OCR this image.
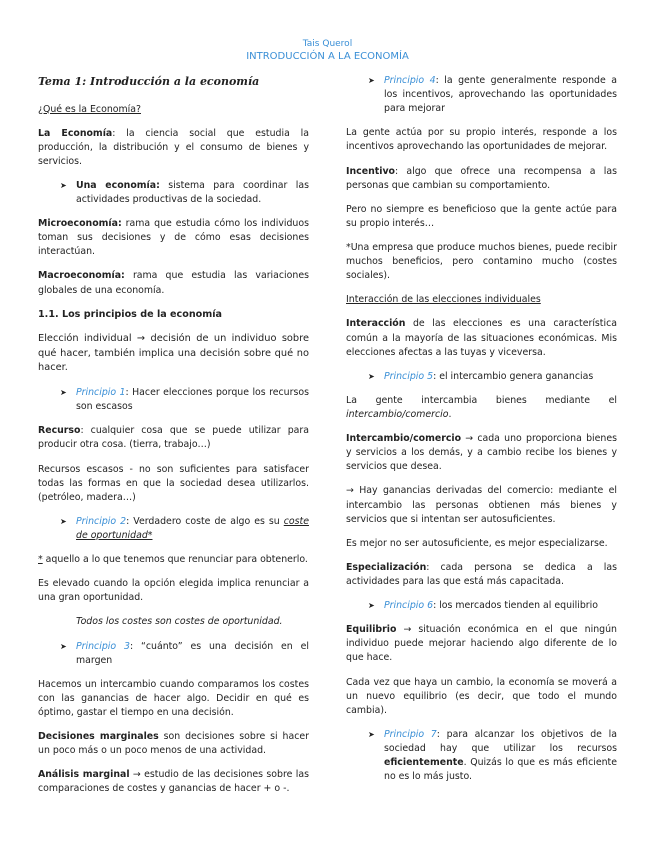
Tais Querol
INTRODUCCIÓN A LA ECONOMÍA
Tema 1: Introducción a la economía

¿Qué es la Economía?

La Economía: la ciencia social que estudia la producción, la distribución y el consumo de bienes y servicios.

➤ Una economía: sistema para coordinar las actividades productivas de la sociedad.

Microeconomía: rama que estudia cómo los individuos toman sus decisiones y de cómo esas decisiones interactúan.

Macroeconomía: rama que estudia las variaciones globales de una economía.

1.1. Los principios de la economía

Elección individual → decisión de un individuo sobre qué hacer, también implica una decisión sobre qué no hacer.

➤ Principio 1: Hacer elecciones porque los recursos son escasos

Recurso: cualquier cosa que se puede utilizar para producir otra cosa. (tierra, trabajo…)

Recursos escasos - no son suficientes para satisfacer todas las formas en que la sociedad desea utilizarlos. (petróleo, madera…)

➤ Principio 2: Verdadero coste de algo es su coste de oportunidad*

* aquello a lo que tenemos que renunciar para obtenerlo.

Es elevado cuando la opción elegida implica renunciar a una gran oportunidad.

Todos los costes son costes de oportunidad.

➤ Principio 3: “cuánto” es una decisión en el margen

Hacemos un intercambio cuando comparamos los costes con las ganancias de hacer algo. Decidir en qué es óptimo, gastar el tiempo en una decisión.

Decisiones marginales son decisiones sobre si hacer un poco más o un poco menos de una actividad.

Análisis marginal → estudio de las decisiones sobre las comparaciones de costes y ganancias de hacer + o -.

➤ Principio 4: la gente generalmente responde a los incentivos, aprovechando las oportunidades para mejorar

La gente actúa por su propio interés, responde a los incentivos aprovechando las oportunidades de mejorar.

Incentivo: algo que ofrece una recompensa a las personas que cambian su comportamiento.

Pero no siempre es beneficioso que la gente actúe para su propio interés…

*Una empresa que produce muchos bienes, puede recibir muchos beneficios, pero contamino mucho (costes sociales).

Interacción de las elecciones individuales

Interacción de las elecciones es una característica común a la mayoría de las situaciones económicas. Mis elecciones afectas a las tuyas y viceversa.

➤ Principio 5: el intercambio genera ganancias

La gente intercambia bienes mediante el intercambio/comercio.

Intercambio/comercio → cada uno proporciona bienes y servicios a los demás, y a cambio recibe los bienes y servicios que desea.

→ Hay ganancias derivadas del comercio: mediante el intercambio las personas obtienen más bienes y servicios que si intentan ser autosuficientes.

Es mejor no ser autosuficiente, es mejor especializarse.

Especialización: cada persona se dedica a las actividades para las que está más capacitada.

➤ Principio 6: los mercados tienden al equilibrio

Equilibrio → situación económica en el que ningún individuo puede mejorar haciendo algo diferente de lo que hace.

Cada vez que haya un cambio, la economía se moverá a un nuevo equilibrio (es decir, que todo el mundo cambia).

➤ Principio 7: para alcanzar los objetivos de la sociedad hay que utilizar los recursos eficientemente. Quizás lo que es más eficiente no es lo más justo.
